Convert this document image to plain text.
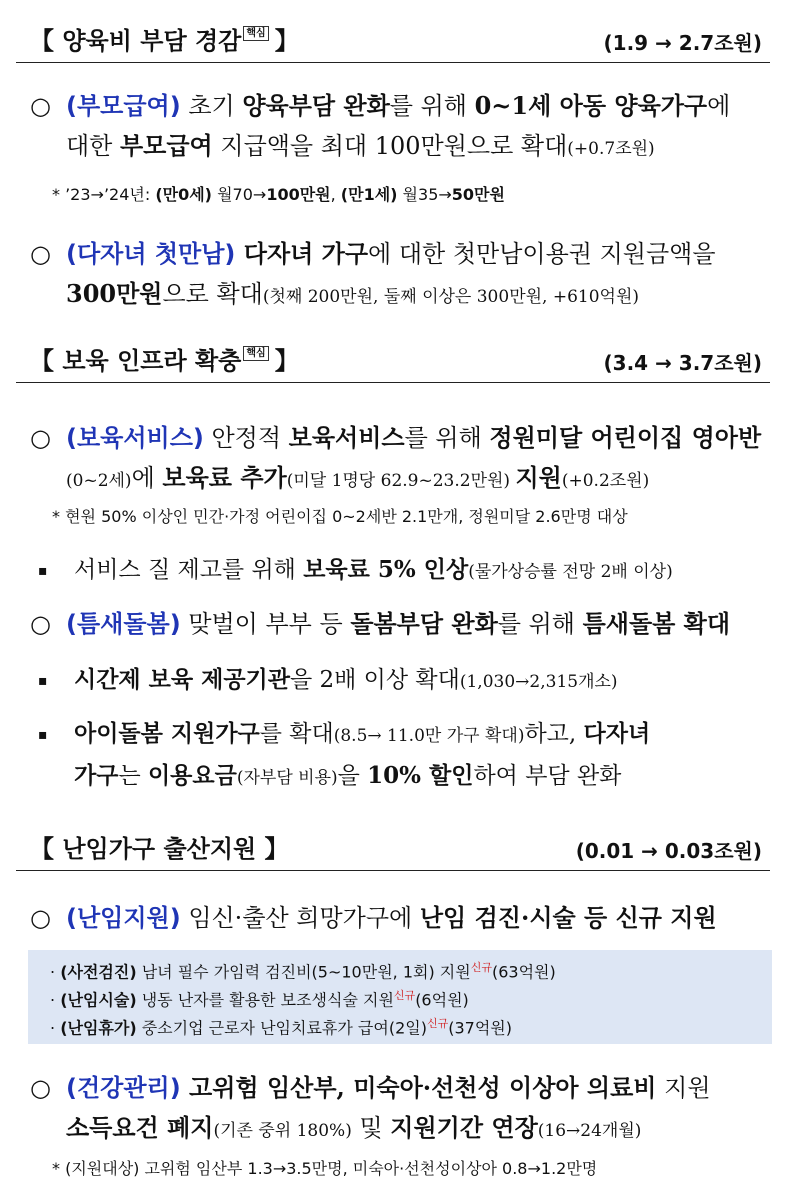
【 양육비 부담 경감 핵심 】	(1.9 → 2.7조원)
○ (부모급여) 초기 양육부담 완화를 위해 0~1세 아동 양육가구에
대한 부모급여 지급액을 최대 100만원으로 확대(+0.7조원)
* ’23→’24년: (만0세) 월70→100만원, (만1세) 월35→50만원
○ (다자녀 첫만남) 다자녀 가구에 대한 첫만남이용권 지원금액을
300만원으로 확대(첫째 200만원, 둘째 이상은 300만원, +610억원)
【 보육 인프라 확충 핵심 】	(3.4 → 3.7조원)
○ (보육서비스) 안정적 보육서비스를 위해 정원미달 어린이집 영아반
(0~2세)에 보육료 추가(미달 1명당 62.9~23.2만원) 지원(+0.2조원)
* 현원 50% 이상인 민간·가정 어린이집 0~2세반 2.1만개, 정원미달 2.6만명 대상
▪ 서비스 질 제고를 위해 보육료 5% 인상(물가상승률 전망 2배 이상)
○ (틈새돌봄) 맞벌이 부부 등 돌봄부담 완화를 위해 틈새돌봄 확대
▪ 시간제 보육 제공기관을 2배 이상 확대(1,030→2,315개소)
▪ 아이돌봄 지원가구를 확대(8.5→ 11.0만 가구 확대)하고, 다자녀
가구는 이용요금(자부담 비용)을 10% 할인하여 부담 완화
【 난임가구 출산지원 】	(0.01 → 0.03조원)
○ (난임지원) 임신·출산 희망가구에 난임 검진·시술 등 신규 지원
· (사전검진) 남녀 필수 가임력 검진비(5~10만원, 1회) 지원$^{신규}$(63억원)
· (난임시술) 냉동 난자를 활용한 보조생식술 지원$^{신규}$(6억원)
· (난임휴가) 중소기업 근로자 난임치료휴가 급여(2일)$^{신규}$(37억원)
○ (건강관리) 고위험 임산부, 미숙아·선천성 이상아 의료비 지원
소득요건 폐지(기존 중위 180%) 및 지원기간 연장(16→24개월)
* (지원대상) 고위험 임산부 1.3→3.5만명, 미숙아·선천성이상아 0.8→1.2만명
